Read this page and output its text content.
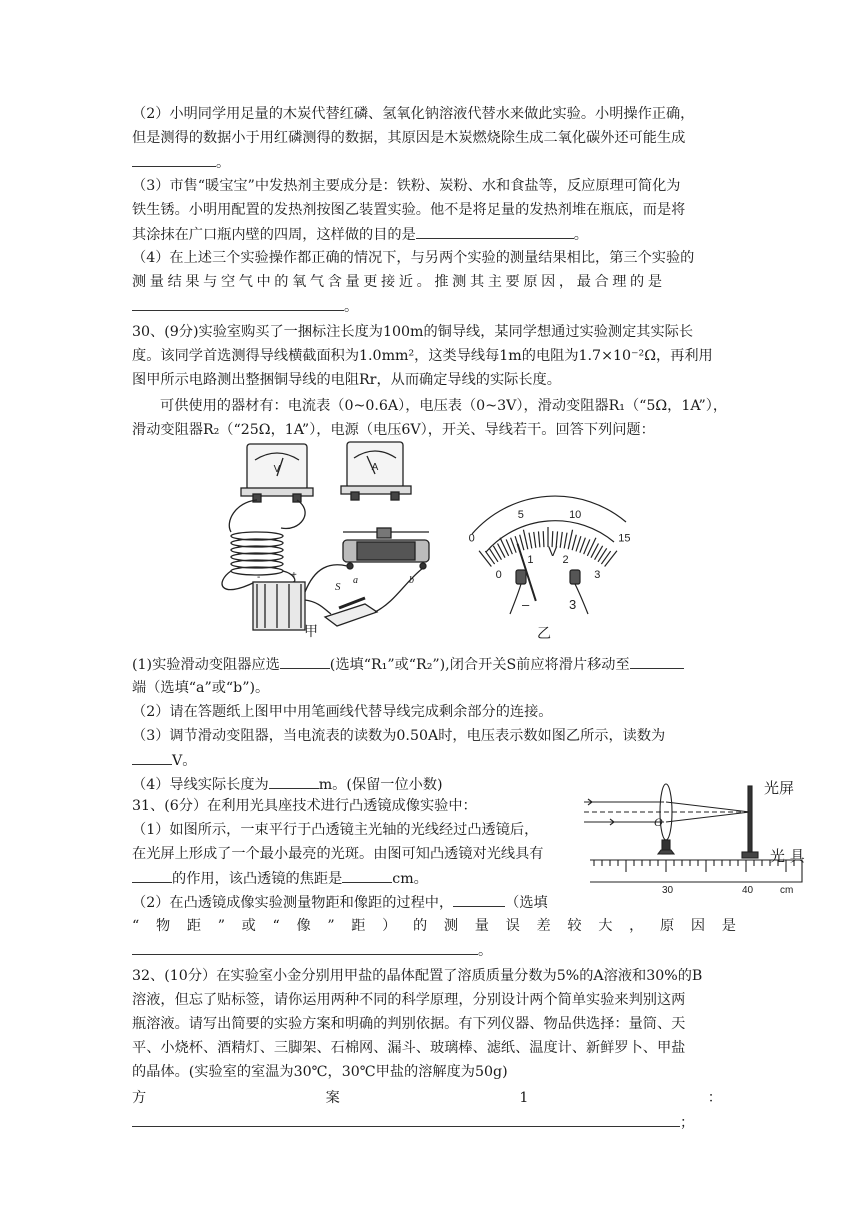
（2）小明同学用足量的木炭代替红磷、氢氧化钠溶液代替水来做此实验。小明操作正确，
但是测得的数据小于用红磷测得的数据，其原因是木炭燃烧除生成二氧化碳外还可能生成
。
（3）市售“暖宝宝”中发热剂主要成分是：铁粉、炭粉、水和食盐等，反应原理可简化为
铁生锈。小明用配置的发热剂按图乙装置实验。他不是将足量的发热剂堆在瓶底，而是将
其涂抹在广口瓶内壁的四周，这样做的目的是	。
（4）在上述三个实验操作都正确的情况下，与另两个实验的测量结果相比，第三个实验的
测量结果与空气中的氧气含量更接近。推测其主要原因，最合理的是
。
30、(9分)实验室购买了一捆标注长度为100m的铜导线，某同学想通过实验测定其实际长
度。该同学首选测得导线横截面积为1.0mm²，这类导线每1m的电阻为1.7×10⁻²Ω，再利用
图甲所示电路测出整捆铜导线的电阻Rr，从而确定导线的实际长度。
可供使用的器材有：电流表（0~0.6A），电压表（0~3V），滑动变阻器R₁（“5Ω，1A”），
滑动变阻器R₂（“25Ω，1A”），电源（电压6V），开关、导线若干。回答下列问题：
V	A
-	+	a	b
S
甲
0
5	10
15
0
1	2
3
V
–	3
乙
(1)实验滑动变阻器应选	(选填“R₁”或“R₂”),闭合开关S前应将滑片移动至
端（选填“a”或“b”)。
（2）请在答题纸上图甲中用笔画线代替导线完成剩余部分的连接。
（3）调节滑动变阻器，当电流表的读数为0.50A时，电压表示数如图乙所示，读数为
V。
（4）导线实际长度为	m。(保留一位小数)
31、(6分）在利用光具座技术进行凸透镜成像实验中：
（1）如图所示，一束平行于凸透镜主光轴的光线经过凸透镜后，
在光屏上形成了一个最小最亮的光斑。由图可知凸透镜对光线具有
的作用，该凸透镜的焦距是	cm。
（2）在凸透镜成像实验测量物距和像距的过程中，	（选填
“ 物 距 ” 或 “ 像 ” 距 ） 的 测 量 误 差 较 大 ， 原 因 是
。
O
30	40	cm
光屏
光 具
32、(10分）在实验室小金分别用甲盐的晶体配置了溶质质量分数为5%的A溶液和30%的B
溶液，但忘了贴标签，请你运用两种不同的科学原理，分别设计两个简单实验来判别这两
瓶溶液。请写出简要的实验方案和明确的判别依据。有下列仪器、物品供选择：量筒、天
平、小烧杯、酒精灯、三脚架、石棉网、漏斗、玻璃棒、滤纸、温度计、新鲜罗卜、甲盐
的晶体。(实验室的室温为30℃，30℃甲盐的溶解度为50g)
方	案	1	：
；
